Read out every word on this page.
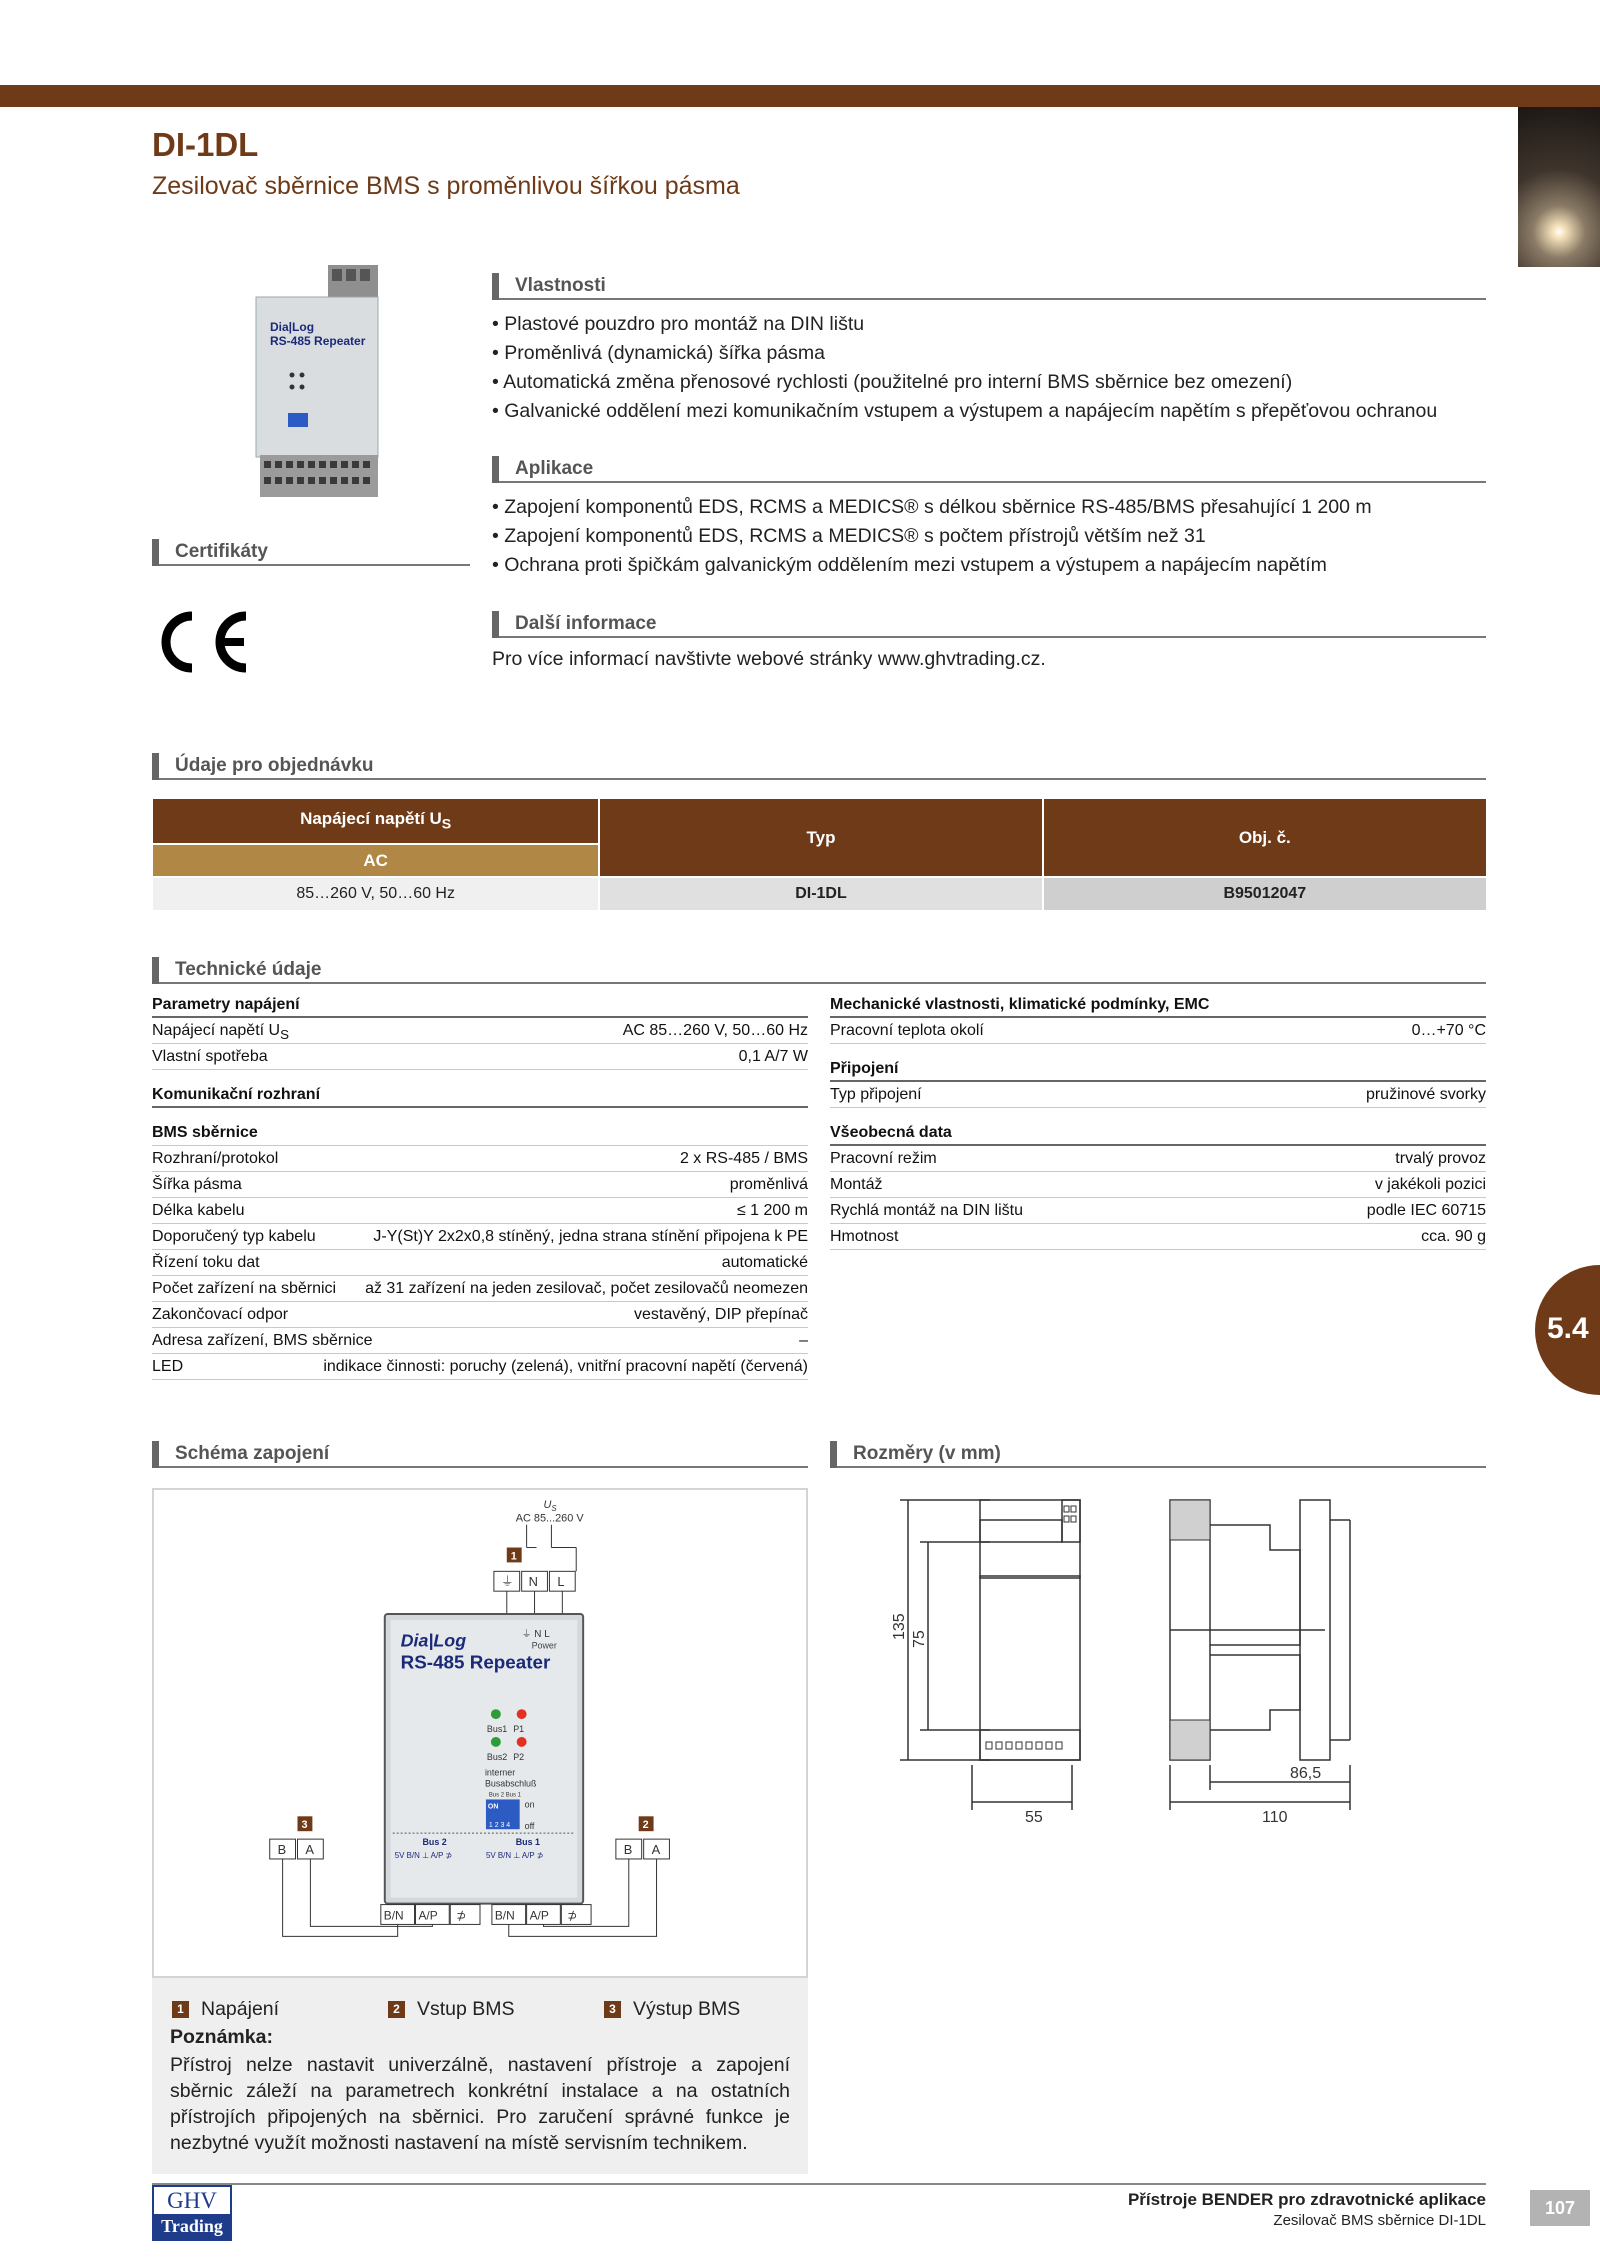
DI-1DL
Zesilovač sběrnice BMS s proměnlivou šířkou pásma
Dia|Log
RS-485 Repeater
Vlastnosti
• Plastové pouzdro pro montáž na DIN lištu
• Proměnlivá (dynamická) šířka pásma
• Automatická změna přenosové rychlosti (použitelné pro interní BMS sběrnice bez omezení)
• Galvanické oddělení mezi komunikačním vstupem a výstupem a napájecím napětím s přepěťovou ochranou
Aplikace
• Zapojení komponentů EDS, RCMS a MEDICS® s délkou sběrnice RS-485/BMS přesahující 1 200 m
• Zapojení komponentů EDS, RCMS a MEDICS® s počtem přístrojů větším než 31
• Ochrana proti špičkám galvanickým oddělením mezi vstupem a výstupem a napájecím napětím
Certifikáty
Další informace
Pro více informací navštivte webové stránky www.ghvtrading.cz.
Údaje pro objednávku
Napájecí napětí $U_S$	Typ	Obj. č.
AC		
85…260 V, 50…60 Hz	DI-1DL	B95012047
Technické údaje
Parametry napájení
Napájecí napětí $U_S$	AC 85…260 V, 50…60 Hz
Vlastní spotřeba	0,1 A/7 W
Komunikační rozhraní
BMS sběrnice
Rozhraní/protokol	2 x RS-485 / BMS
Šířka pásma	proměnlivá
Délka kabelu	≤ 1 200 m
Doporučený typ kabelu	J-Y(St)Y 2x2x0,8 stíněný, jedna strana stínění připojena k PE
Řízení toku dat	automatické
Počet zařízení na sběrnici až 31 zařízení na jeden zesilovač, počet zesilovačů neomezen
Zakončovací odpor	vestavěný, DIP přepínač
Adresa zařízení, BMS sběrnice	–
LED	indikace činnosti: poruchy (zelená), vnitřní pracovní napětí (červená)
Mechanické vlastnosti, klimatické podmínky, EMC
Pracovní teplota okolí	0…+70 °C
Připojení
Typ připojení	pružinové svorky
Všeobecná data
Pracovní režim	trvalý provoz
Montáž	v jakékoli pozici
Rychlá montáž na DIN lištu	podle IEC 60715
Hmotnost	cca. 90 g
5.4
Schéma zapojení
$U_S$
AC 85...260 V
1
⏚ N L
⏚ N L
Power
Dia|Log
RS-485 Repeater
Bus1 P1
Bus2 P2
interner
Busabschluß
Bus 2 Bus 1
ON
1 2 3 4
on
off
Bus 2	Bus 1
5V B/N ⊥ A/P ⊅	5V B/N ⊥ A/P ⊅
3	2
B A	B A
B/N A/P ⊅ B/N A/P ⊅
1 Napájení	2 Vstup BMS	3 Výstup BMS
Poznámka:
Přístroj nelze nastavit univerzálně, nastavení přístroje a zapojení sběrnic záleží na parametrech konkrétní instalace a na ostatních přístrojích připojených na sběrnici. Pro zaručení správné funkce je nezbytné využít možnosti nastavení na místě servisním technikem.
Rozměry (v mm)
135 75
55	110
86,5
GHV
Trading
Přístroje BENDER pro zdravotnické aplikace
Zesilovač BMS sběrnice DI-1DL
107
